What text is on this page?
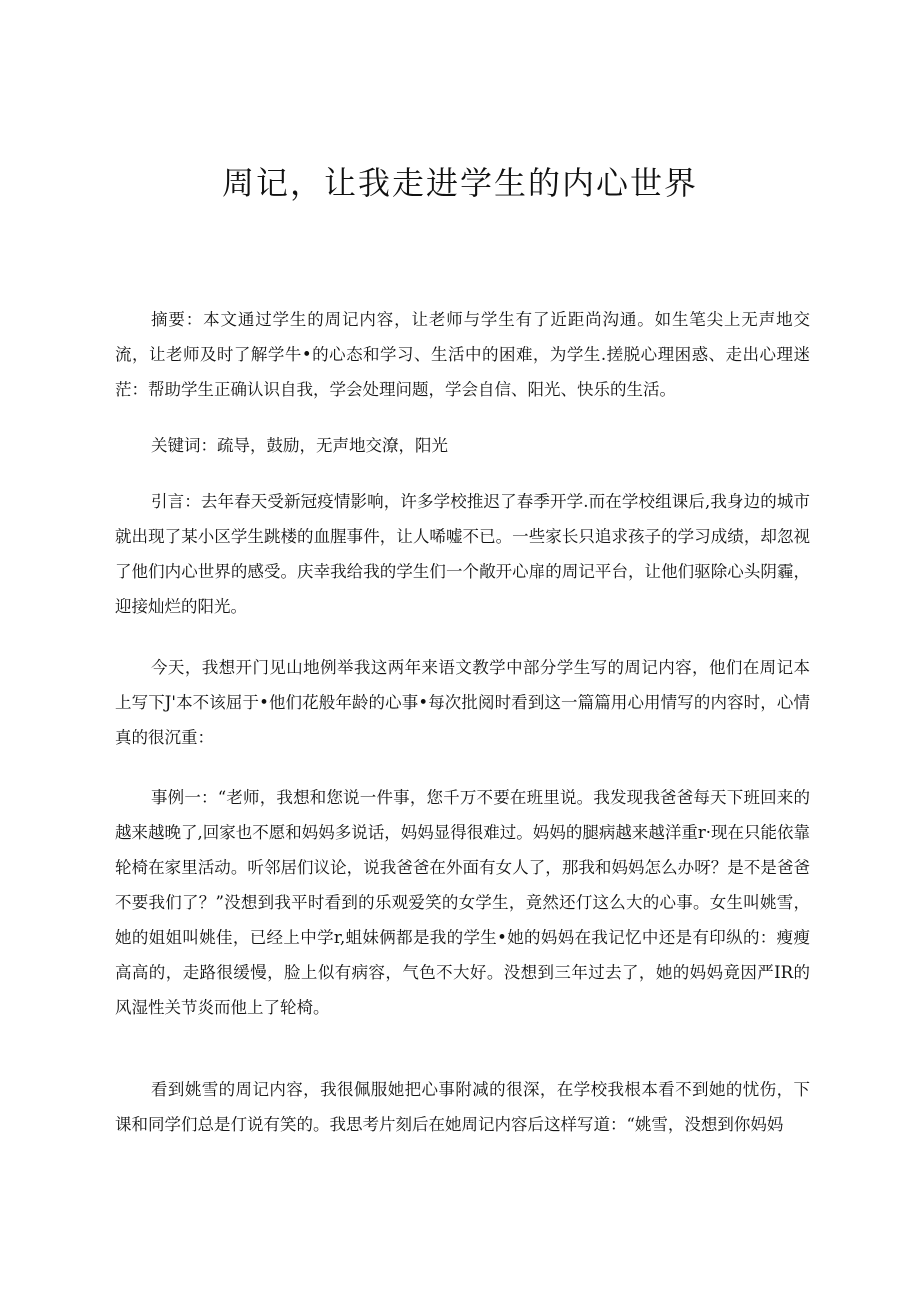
周记，让我走进学生的内心世界

摘要：本文通过学生的周记内容，让老师与学生有了近距尚沟通。如生笔尖上无声地交流，让老师及时了解学牛•的心态和学习、生活中的困难，为学生.搓脱心理困惑、走出心理迷茫：帮助学生正确认识自我，学会处理问题，学会自信、阳光、快乐的生活。

关键词：疏导，鼓励，无声地交潦，阳光

引言：去年春天受新冠疫情影响，许多学校推迟了春季开学.而在学校组课后,我身边的城市就出现了某小区学生跳楼的血腥事件，让人唏嘘不已。一些家长只追求孩子的学习成绩，却忽视了他们内心世界的感受。庆幸我给我的学生们一个敞开心扉的周记平台，让他们驱除心头阴霾，迎接灿烂的阳光。

今天，我想开门见山地例举我这两年来语文教学中部分学生写的周记内容，他们在周记本上写下J'本不该屈于•他们花般年龄的心事•每次批阅时看到这一篇篇用心用情写的内容时，心情真的很沉重：

事例一：“老师，我想和您说一件事，您千万不要在班里说。我发现我爸爸每天下班回来的越来越晚了,回家也不愿和妈妈多说话，妈妈显得很难过。妈妈的腿病越来越洋重r·现在只能依靠轮椅在家里活动。听邻居们议论，说我爸爸在外面有女人了，那我和妈妈怎么办呀？是不是爸爸不要我们了？”没想到我平时看到的乐观爱笑的女学生，竟然还仃这么大的心事。女生叫姚雪，她的姐姐叫姚佳，已经上中学r,蛆妹俩都是我的学生•她的妈妈在我记忆中还是有印纵的：瘦瘦高高的，走路很缓慢，脸上似有病容，气色不大好。没想到三年过去了，她的妈妈竟因严IR的风湿性关节炎而他上了轮椅。

看到姚雪的周记内容，我很佩服她把心事附减的很深，在学校我根本看不到她的忧伤，下课和同学们总是仃说有笑的。我思考片刻后在她周记内容后这样写道：“姚雪，没想到你妈妈
